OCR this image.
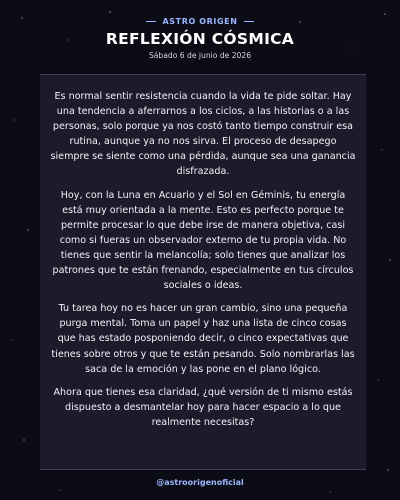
ASTRO ORIGEN
REFLEXIÓN CÓSMICA
Sábado 6 de junio de 2026

Es normal sentir resistencia cuando la vida te pide soltar. Hay una tendencia a aferrarnos a los ciclos, a las historias o a las personas, solo porque ya nos costó tanto tiempo construir esa rutina, aunque ya no nos sirva. El proceso de desapego siempre se siente como una pérdida, aunque sea una ganancia disfrazada.

Hoy, con la Luna en Acuario y el Sol en Géminis, tu energía está muy orientada a la mente. Esto es perfecto porque te permite procesar lo que debe irse de manera objetiva, casi como si fueras un observador externo de tu propia vida. No tienes que sentir la melancolía; solo tienes que analizar los patrones que te están frenando, especialmente en tus círculos sociales o ideas.

Tu tarea hoy no es hacer un gran cambio, sino una pequeña purga mental. Toma un papel y haz una lista de cinco cosas que has estado posponiendo decir, o cinco expectativas que tienes sobre otros y que te están pesando. Solo nombrarlas las saca de la emoción y las pone en el plano lógico.

Ahora que tienes esa claridad, ¿qué versión de ti mismo estás dispuesto a desmantelar hoy para hacer espacio a lo que realmente necesitas?

@astroorigenoficial
